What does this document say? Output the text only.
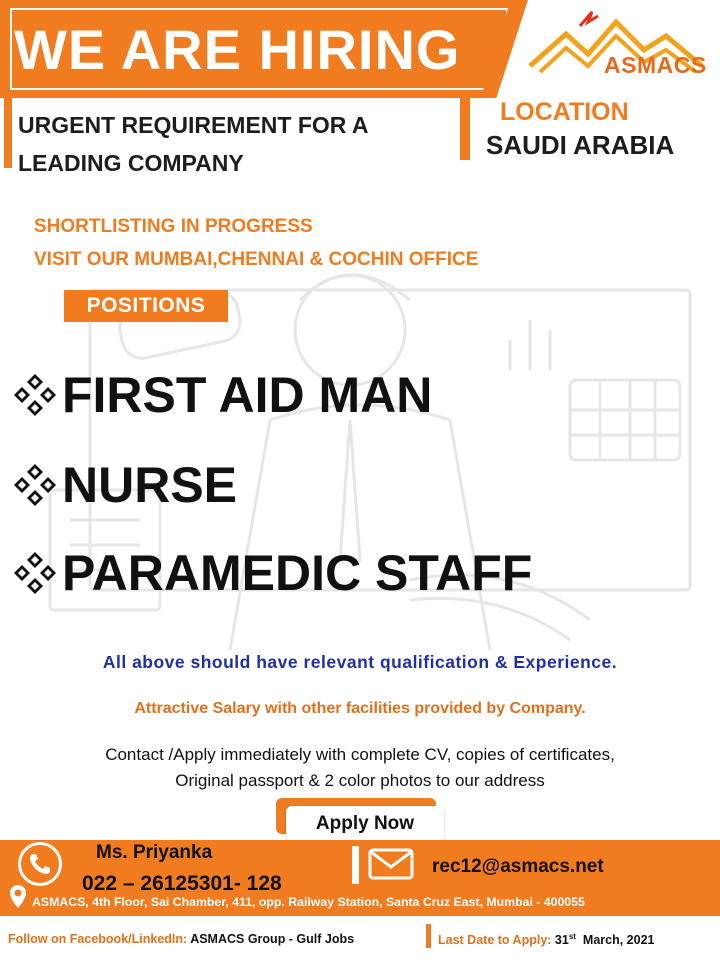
WE ARE HIRING	ASMACS
URGENT REQUIREMENT FOR A
LEADING COMPANY
LOCATION
SAUDI ARABIA
SHORTLISTING IN PROGRESS
VISIT OUR MUMBAI,CHENNAI & COCHIN OFFICE
POSITIONS
FIRST AID MAN
NURSE
PARAMEDIC STAFF
All above should have relevant qualification & Experience.
Attractive Salary with other facilities provided by Company.
Contact /Apply immediately with complete CV, copies of certificates,
Original passport & 2 color photos to our address
Apply Now
Ms. Priyanka
022 – 26125301- 128
rec12@asmacs.net
ASMACS, 4th Floor, Sai Chamber, 411, opp. Railway Station, Santa Cruz East, Mumbai - 400055
Follow on Facebook/LinkedIn: ASMACS Group - Gulf Jobs	Last Date to Apply: 31st March, 2021
